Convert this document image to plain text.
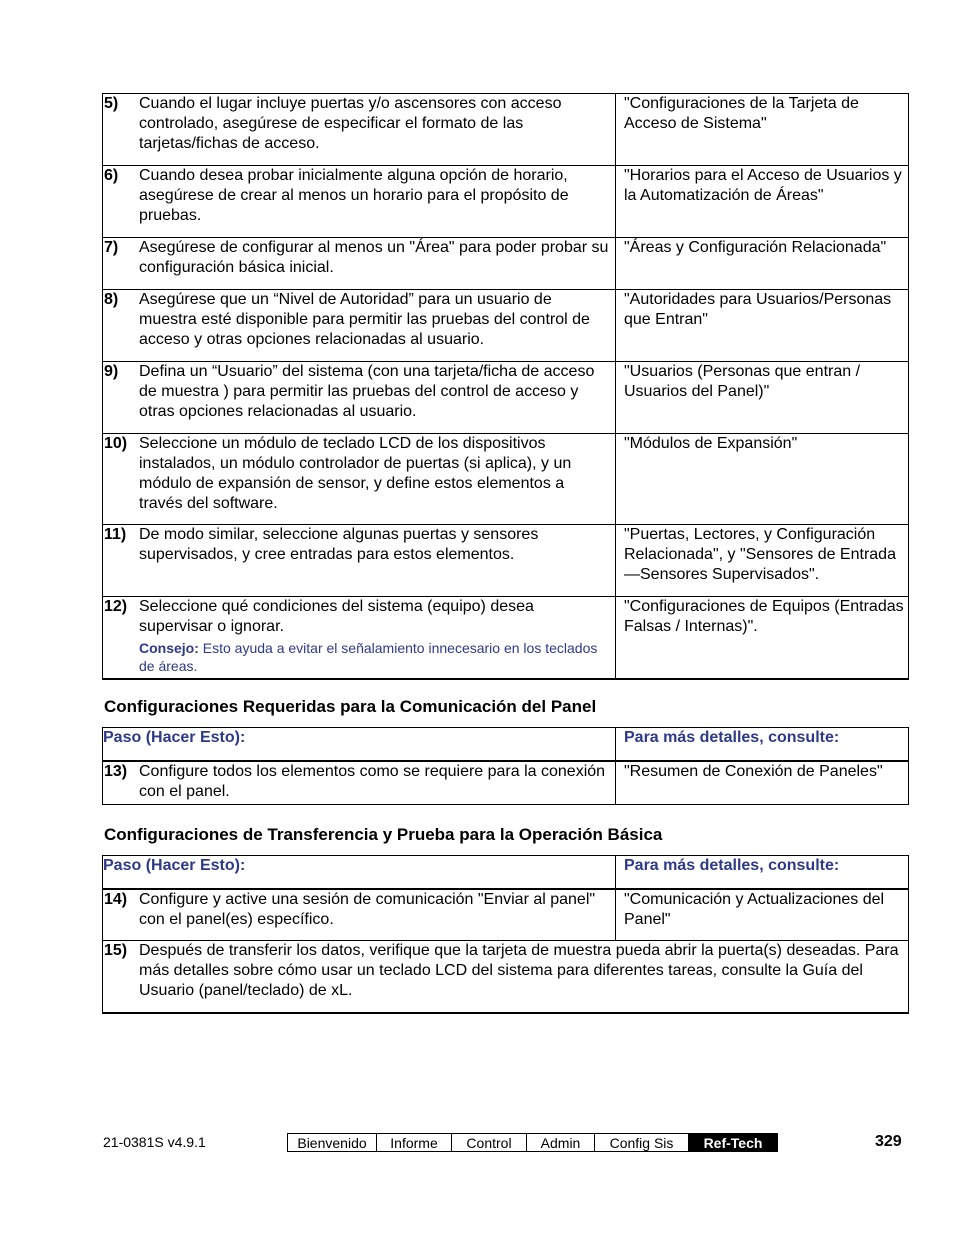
5) Cuando el lugar incluye puertas y/o ascensores con acceso controlado, asegúrese de especificar el formato de las tarjetas/fichas de acceso.	"Configuraciones de la Tarjeta de Acceso de Sistema"

6) Cuando desea probar inicialmente alguna opción de horario, asegúrese de crear al menos un horario para el propósito de pruebas.	"Horarios para el Acceso de Usuarios y la Automatización de Áreas"

7) Asegúrese de configurar al menos un "Área" para poder probar su configuración básica inicial.	"Áreas y Configuración Relacionada"

8) Asegúrese que un “Nivel de Autoridad” para un usuario de muestra esté disponible para permitir las pruebas del control de acceso y otras opciones relacionadas al usuario.	"Autoridades para Usuarios/Personas que Entran"

9) Defina un “Usuario” del sistema (con una tarjeta/ficha de acceso de muestra ) para permitir las pruebas del control de acceso y otras opciones relacionadas al usuario.	"Usuarios (Personas que entran / Usuarios del Panel)"

10) Seleccione un módulo de teclado LCD de los dispositivos instalados, un módulo controlador de puertas (si aplica), y un módulo de expansión de sensor, y define estos elementos a través del software.	"Módulos de Expansión"

11) De modo similar, seleccione algunas puertas y sensores supervisados, y cree entradas para estos elementos.	"Puertas, Lectores, y Configuración Relacionada", y "Sensores de Entrada—Sensores Supervisados".

12) Seleccione qué condiciones del sistema (equipo) desea supervisar o ignorar.
Consejo: Esto ayuda a evitar el señalamiento innecesario en los teclados de áreas.	"Configuraciones de Equipos (Entradas Falsas / Internas)".
Configuraciones Requeridas para la Comunicación del Panel
Paso (Hacer Esto):	Para más detalles, consulte:

13) Configure todos los elementos como se requiere para la conexión con el panel.	"Resumen de Conexión de Paneles"
Configuraciones de Transferencia y Prueba para la Operación Básica
Paso (Hacer Esto):	Para más detalles, consulte:

14) Configure y active una sesión de comunicación "Enviar al panel" con el panel(es) específico.	"Comunicación y Actualizaciones del Panel"

15) Después de transferir los datos, verifique que la tarjeta de muestra pueda abrir la puerta(s) deseadas. Para más detalles sobre cómo usar un teclado LCD del sistema para diferentes tareas, consulte la Guía del Usuario (panel/teclado) de xL.	
21-0381S v4.9.1	Bienvenido	Informe	Control	Admin	Config Sis	Ref-Tech	329
